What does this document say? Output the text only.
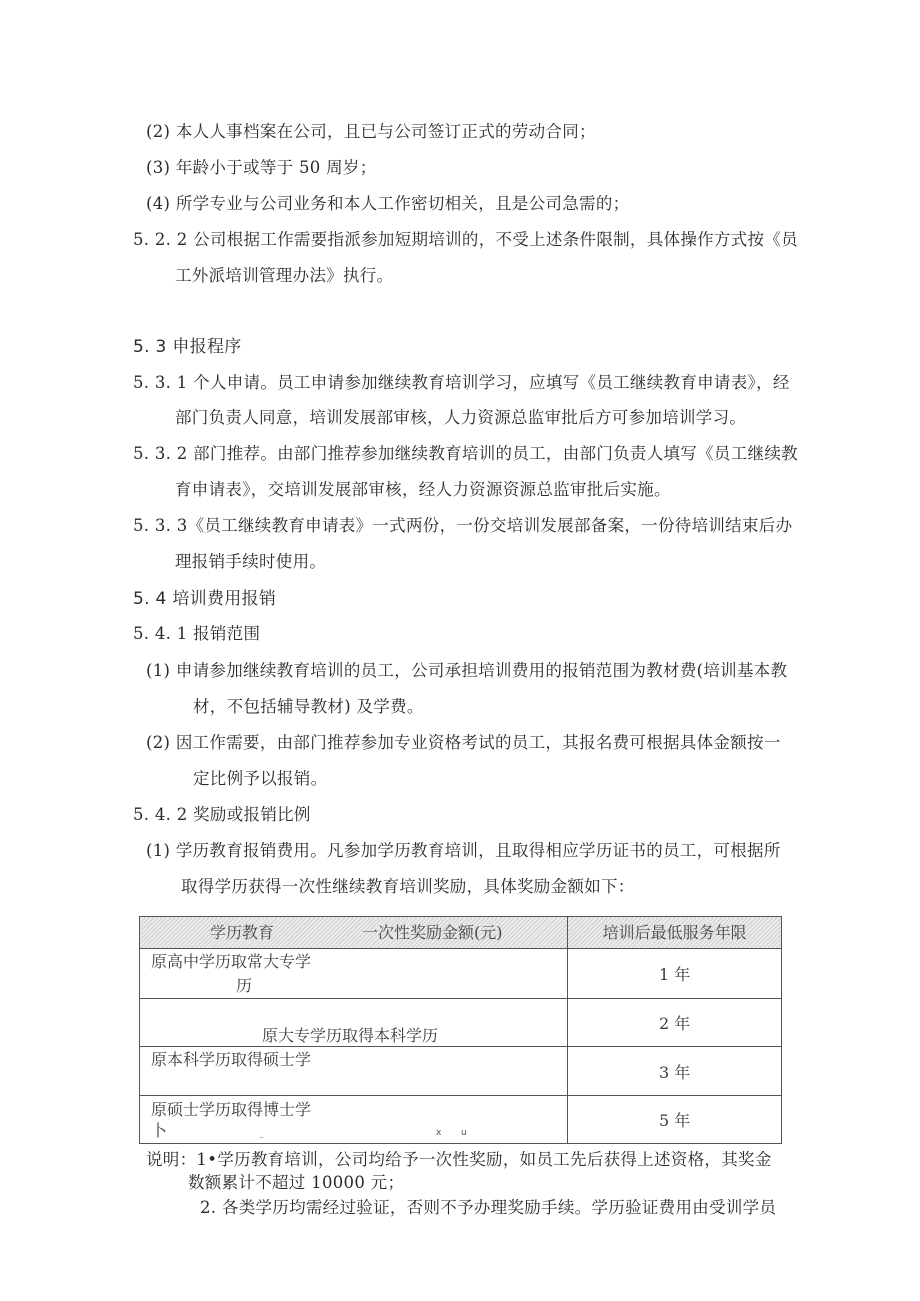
(2) 本人人事档案在公司，且已与公司签订正式的劳动合同；
(3) 年龄小于或等于 50 周岁；
(4) 所学专业与公司业务和本人工作密切相关，且是公司急需的；
5. 2. 2 公司根据工作需要指派参加短期培训的，不受上述条件限制，具体操作方式按《员
工外派培训管理办法》执行。
5. 3 申报程序
5. 3. 1 个人申请。员工申请参加继续教育培训学习，应填写《员工继续教育申请表》，经
部门负责人同意，培训发展部审核，人力资源总监审批后方可参加培训学习。
5. 3. 2 部门推荐。由部门推荐参加继续教育培训的员工，由部门负责人填写《员工继续教
育申请表》，交培训发展部审核，经人力资源资源总监审批后实施。
5. 3. 3《员工继续教育申请表》一式两份，一份交培训发展部备案，一份待培训结束后办
理报销手续时使用。
5. 4 培训费用报销
5. 4. 1 报销范围
(1) 申请参加继续教育培训的员工，公司承担培训费用的报销范围为教材费(培训基本教
材，不包括辅导教材) 及学费。
(2) 因工作需要，由部门推荐参加专业资格考试的员工，其报名费可根据具体金额按一
定比例予以报销。
5. 4. 2 奖励或报销比例
(1) 学历教育报销费用。凡参加学历教育培训，且取得相应学历证书的员工，可根据所
取得学历获得一次性继续教育培训奖励，具体奖励金额如下：
学历教育 一次性奖励金额(元)	培训后最低服务年限

原高中学历取常大专学
历	1 年

原大专学历取得本科学历	2 年

原本科学历取得硕士学	3 年

原硕士学历取得博士学
卜 ﹣ x u	5 年
说明：1•学历教育培训，公司均给予一次性奖励，如员工先后获得上述资格，其奖金
数额累计不超过 10000 元；
2. 各类学历均需经过验证，否则不予办理奖励手续。学历验证费用由受训学员
